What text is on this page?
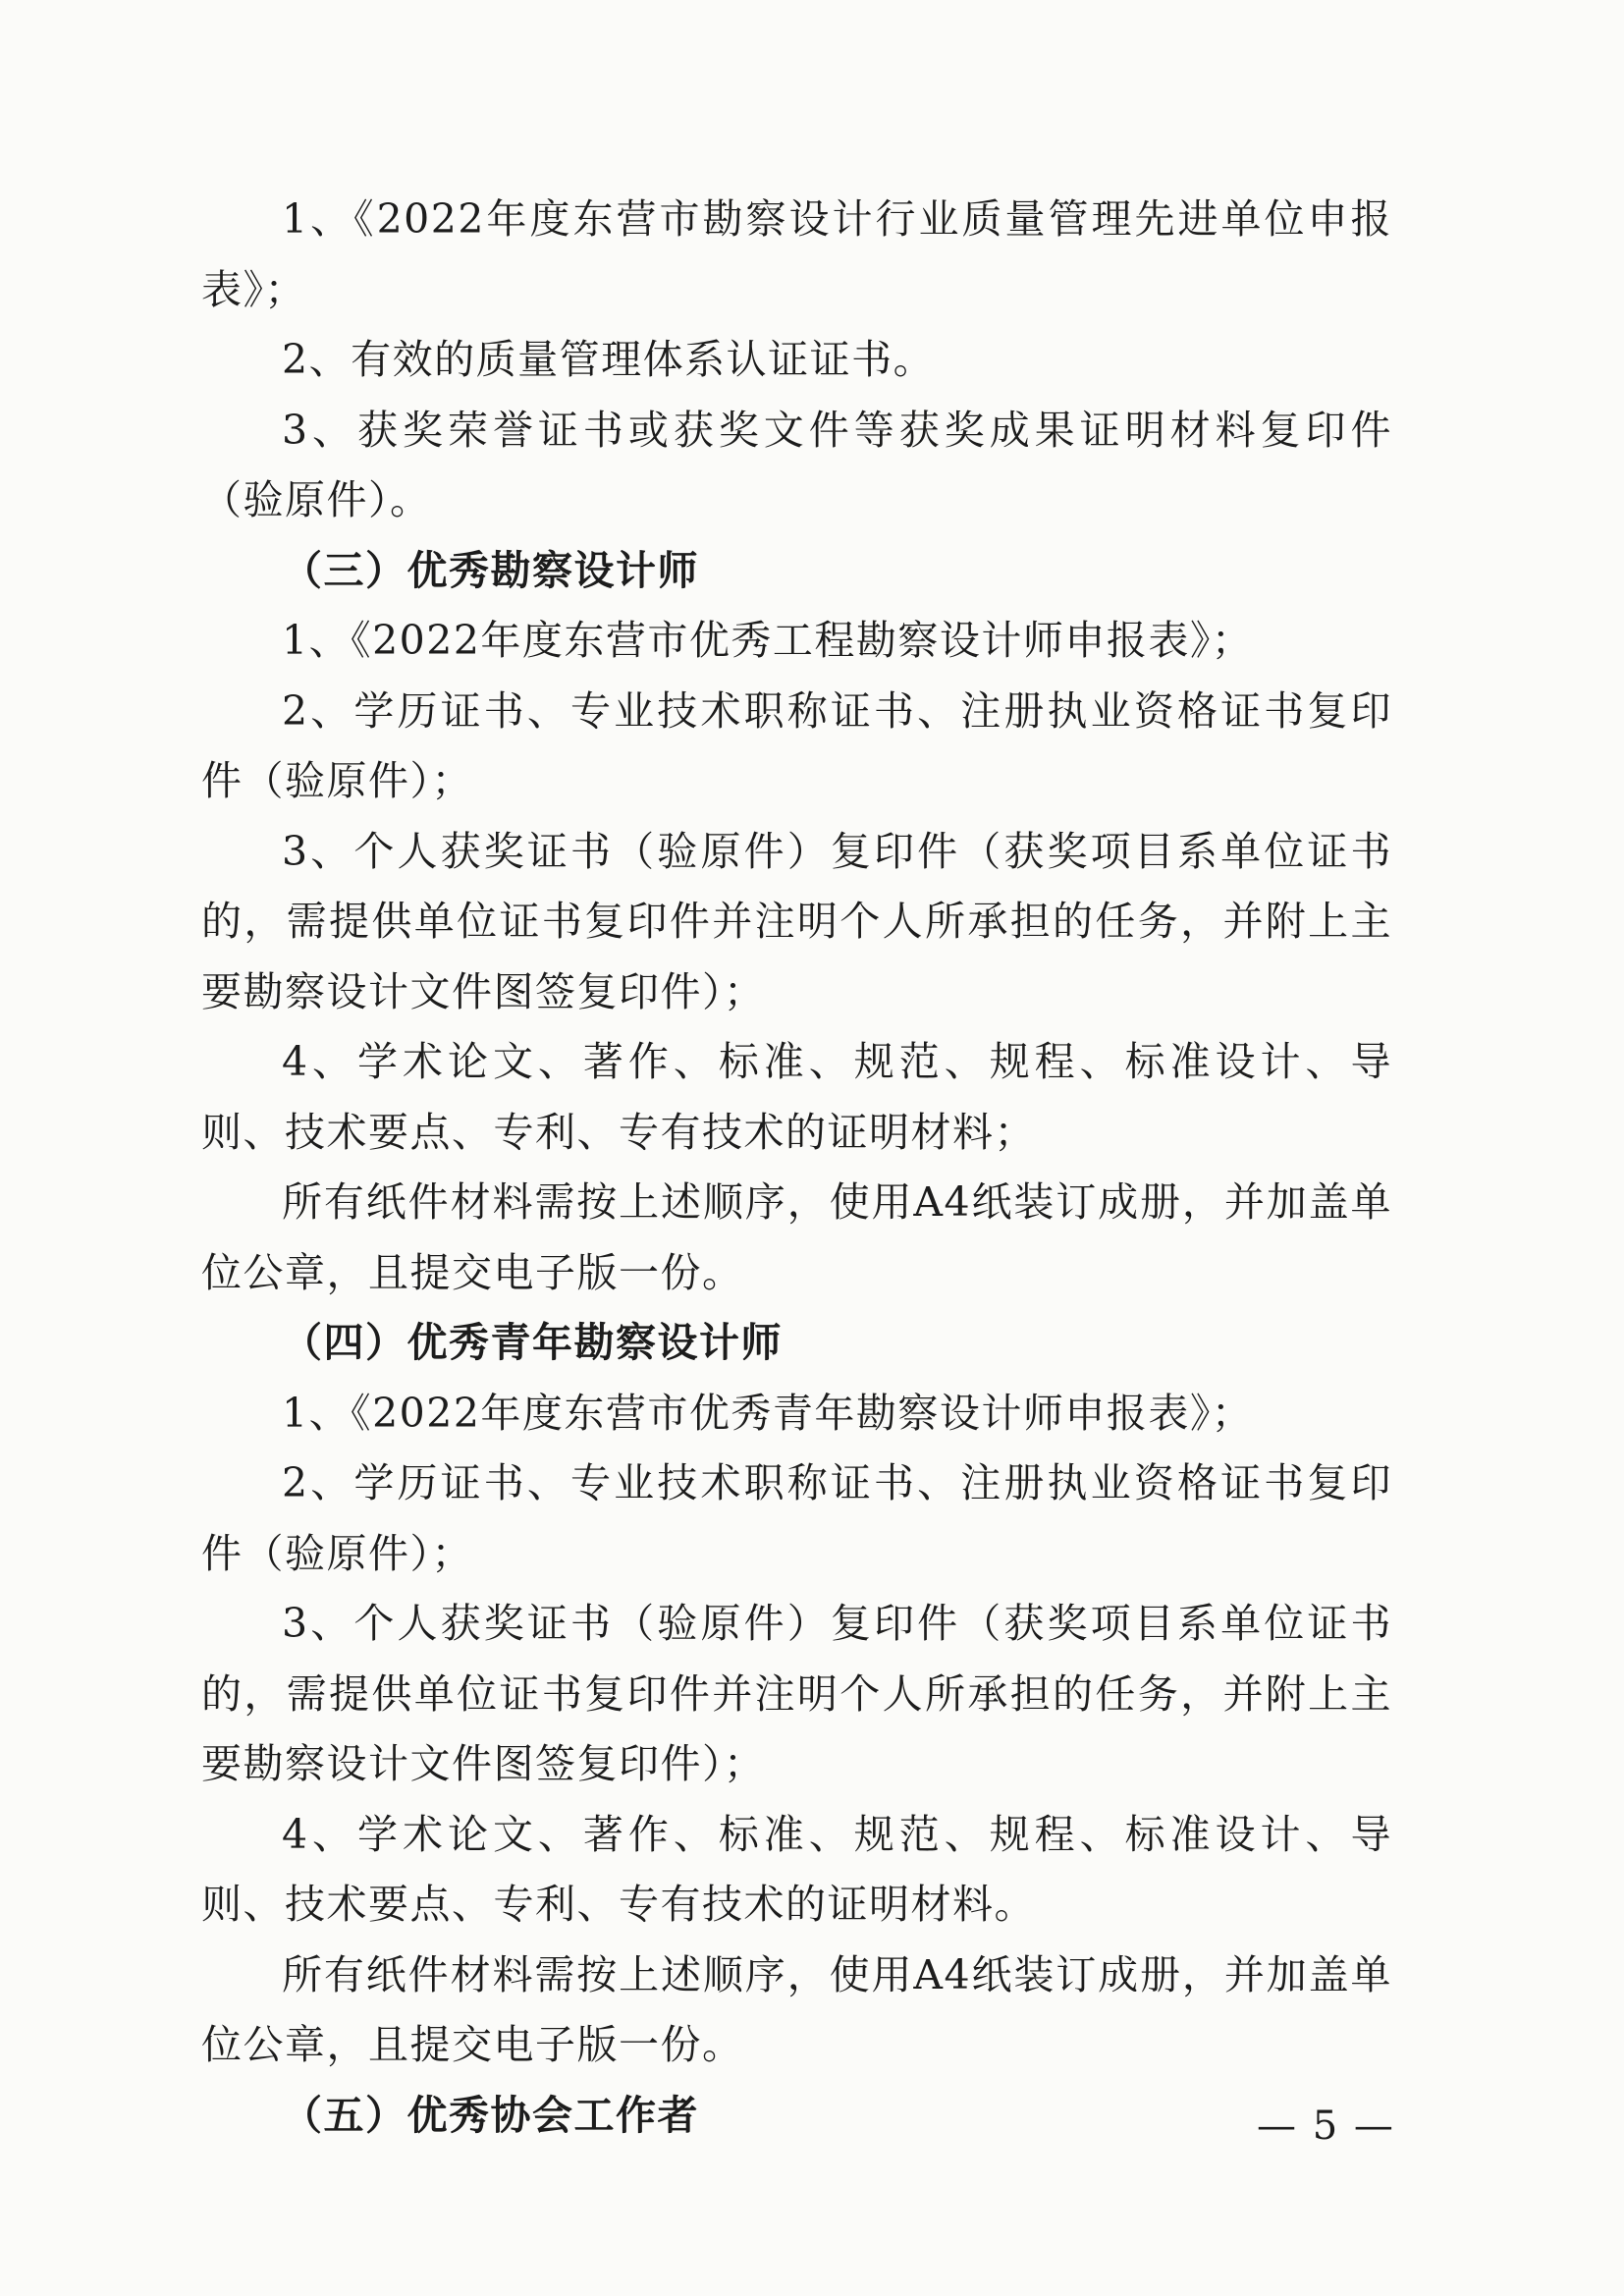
1、《2022年度东营市勘察设计行业质量管理先进单位申报表》；

2、有效的质量管理体系认证证书。

3、获奖荣誉证书或获奖文件等获奖成果证明材料复印件（验原件）。

（三）优秀勘察设计师

1、《2022年度东营市优秀工程勘察设计师申报表》；

2、学历证书、专业技术职称证书、注册执业资格证书复印件（验原件）；

3、个人获奖证书（验原件）复印件（获奖项目系单位证书的，需提供单位证书复印件并注明个人所承担的任务，并附上主要勘察设计文件图签复印件）；

4、学术论文、著作、标准、规范、规程、标准设计、导则、技术要点、专利、专有技术的证明材料；

所有纸件材料需按上述顺序，使用A4纸装订成册，并加盖单位公章，且提交电子版一份。

（四）优秀青年勘察设计师

1、《2022年度东营市优秀青年勘察设计师申报表》；

2、学历证书、专业技术职称证书、注册执业资格证书复印件（验原件）；

3、个人获奖证书（验原件）复印件（获奖项目系单位证书的，需提供单位证书复印件并注明个人所承担的任务，并附上主要勘察设计文件图签复印件）；

4、学术论文、著作、标准、规范、规程、标准设计、导则、技术要点、专利、专有技术的证明材料。

所有纸件材料需按上述顺序，使用A4纸装订成册，并加盖单位公章，且提交电子版一份。

（五）优秀协会工作者	— 5 —
